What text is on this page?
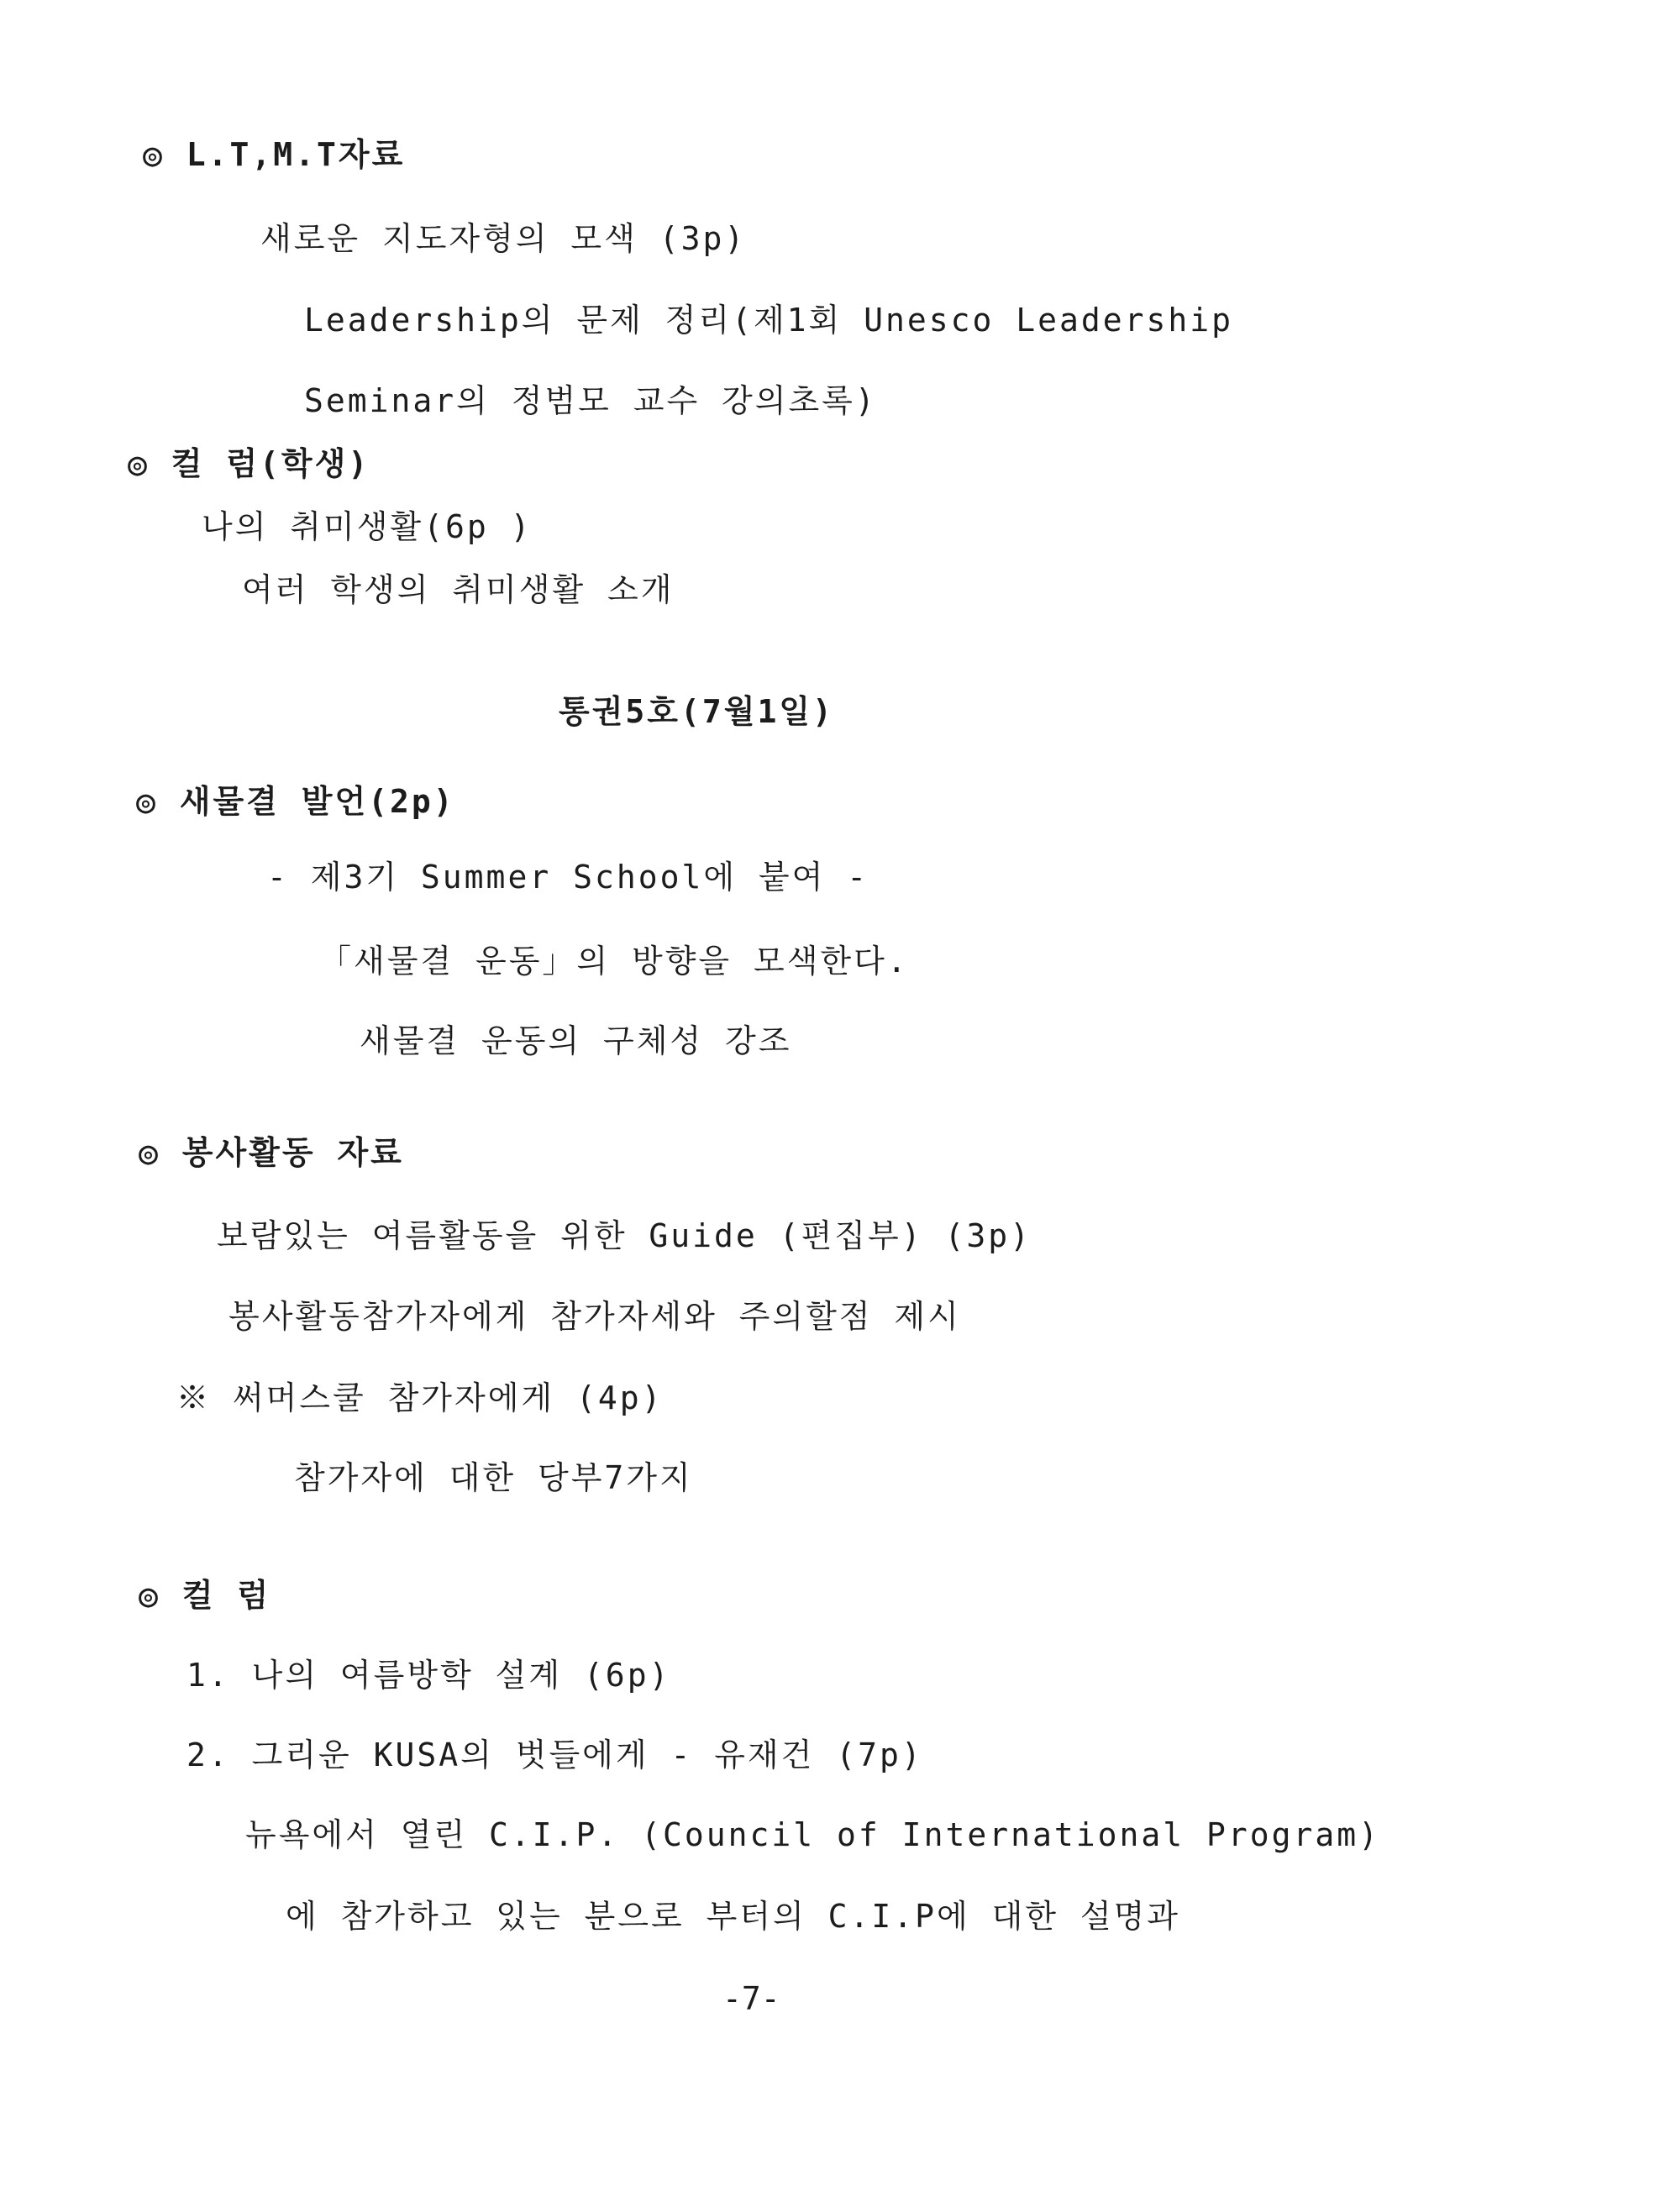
◎ L.T,M.T자료
새로운 지도자형의 모색 (3p)
Leadership의 문제 정리(제1회 Unesco Leadership
Seminar의 정범모 교수 강의초록)
◎ 컬 럼(학생)
나의 취미생활(6p )
여러 학생의 취미생활 소개
통권5호(7월1일)
◎ 새물결 발언(2p)
- 제3기 Summer School에 붙여 -
「새물결 운동」의 방향을 모색한다.
새물결 운동의 구체성 강조
◎ 봉사활동 자료
보람있는 여름활동을 위한 Guide (편집부) (3p)
봉사활동참가자에게 참가자세와 주의할점 제시
※ 써머스쿨 참가자에게 (4p)
참가자에 대한 당부7가지
◎ 컬 럼
1. 나의 여름방학 설계 (6p)
2. 그리운 KUSA의 벗들에게 - 유재건 (7p)
뉴욕에서 열린 C.I.P. (Council of International Program)
에 참가하고 있는 분으로 부터의 C.I.P에 대한 설명과
-7-
